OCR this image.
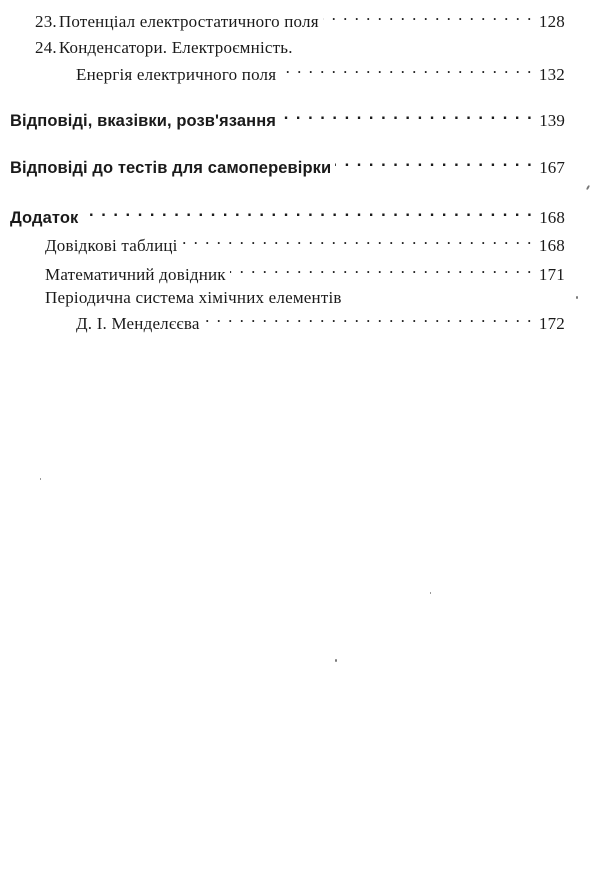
23. Потенціал електростатичного поля . . .	128
24. Конденсатори. Електроємність.
Енергія електричного поля . . .	132
Відповіді, вказівки, розв'язання . . .	139
Відповіді до тестів для самоперевірки . . .	167
Додаток . . .	168
Довідкові таблиці . . .	168
Математичний довідник . . .	171
Періодична система хімічних елементів
Д. І. Менделєєва . . .	172
